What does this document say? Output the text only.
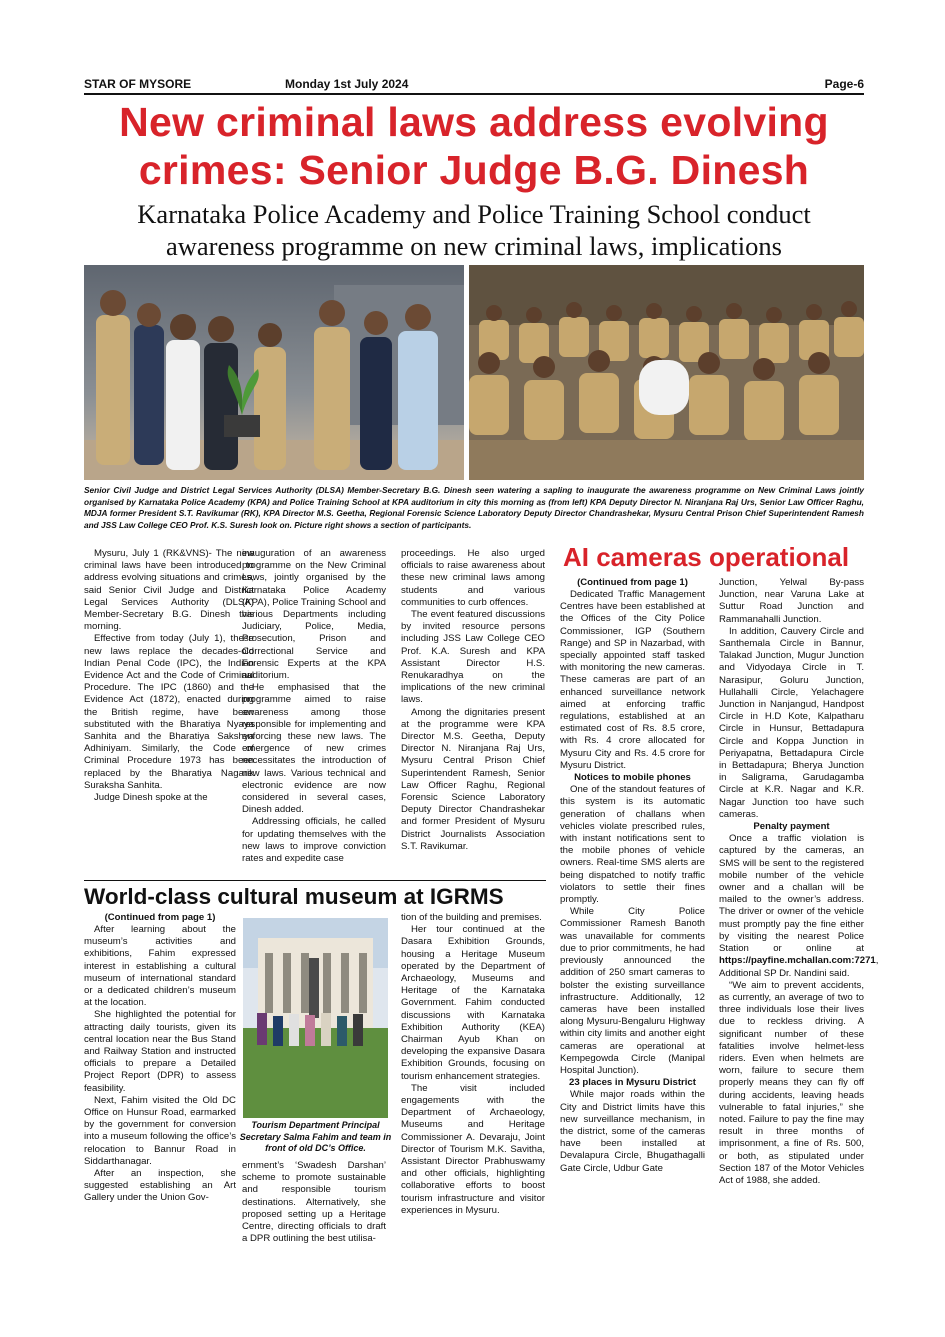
STAR OF MYSORE	Monday 1st July 2024	Page-6
New criminal laws address evolving
crimes: Senior Judge B.G. Dinesh
Karnataka Police Academy and Police Training School conduct
awareness programme on new criminal laws, implications
Senior Civil Judge and District Legal Services Authority (DLSA) Member-Secretary B.G. Dinesh seen watering a sapling to inaugurate the awareness programme on New Criminal Laws jointly organised by Karnataka Police Academy (KPA) and Police Training School at KPA auditorium in city this morning as (from left) KPA Deputy Director N. Niranjana Raj Urs, Senior Law Officer Raghu, MDJA former President S.T. Ravikumar (RK), KPA Director M.S. Geetha, Regional Forensic Science Laboratory Deputy Director Chandrashekar, Mysuru Central Prison Chief Superintendent Ramesh and JSS Law College CEO Prof. K.S. Suresh look on. Picture right shows a section of participants.

Mysuru, July 1 (RK&VNS)- The new criminal laws have been introduced to address evolving situations and crimes, said Senior Civil Judge and District Legal Services Authority (DLSA) Member-Secretary B.G. Dinesh this morning.

Effective from today (July 1), these new laws replace the decades-old Indian Penal Code (IPC), the Indian Evidence Act and the Code of Criminal Procedure. The IPC (1860) and the Evidence Act (1872), enacted during the British regime, have been substituted with the Bharatiya Nyaya Sanhita and the Bharatiya Sakshya Adhiniyam. Similarly, the Code of Criminal Procedure 1973 has been replaced by the Bharatiya Nagarik Suraksha Sanhita.

Judge Dinesh spoke at the

inauguration of an awareness programme on the New Criminal Laws, jointly organised by the Karnataka Police Academy (KPA), Police Training School and various Departments including Judiciary, Police, Media, Prosecution, Prison and Correctional Service and Forensic Experts at the KPA auditorium.

He emphasised that the programme aimed to raise awareness among those responsible for implementing and enforcing these new laws. The emergence of new crimes necessitates the introduction of new laws. Various technical and electronic evidence are now considered in several cases, Dinesh added.

Addressing officials, he called for updating themselves with the new laws to improve conviction rates and expedite case

proceedings. He also urged officials to raise awareness about these new criminal laws among students and various communities to curb offences.

The event featured discussions by invited resource persons including JSS Law College CEO Prof. K.A. Suresh and KPA Assistant Director H.S. Renukaradhya on the implications of the new criminal laws.

Among the dignitaries present at the programme were KPA Director M.S. Geetha, Deputy Director N. Niranjana Raj Urs, Mysuru Central Prison Chief Superintendent Ramesh, Senior Law Officer Raghu, Regional Forensic Science Laboratory Deputy Director Chandrashekar and former President of Mysuru District Journalists Association S.T. Ravikumar.

World-class cultural museum at IGRMS
(Continued from page 1)

After learning about the museum’s activities and exhibitions, Fahim expressed interest in establishing a cultural museum of international standard or a dedicated children’s museum at the location.

She highlighted the potential for attracting daily tourists, given its central location near the Bus Stand and Railway Station and instructed officials to prepare a Detailed Project Report (DPR) to assess feasibility.

Next, Fahim visited the Old DC Office on Hunsur Road, earmarked by the government for conversion into a museum following the office’s relocation to Bannur Road in Siddarthanagar.

After an inspection, she suggested establishing an Art Gallery under the Union Gov-

Tourism Department Principal Secretary Salma Fahim and team in front of old DC’s Office.

ernment’s ‘Swadesh Darshan’ scheme to promote sustainable and responsible tourism destinations. Alternatively, she proposed setting up a Heritage Centre, directing officials to draft a DPR outlining the best utilisa-

tion of the building and premises.

Her tour continued at the Dasara Exhibition Grounds, housing a Heritage Museum operated by the Department of Archaeology, Museums and Heritage of the Karnataka Government. Fahim conducted discussions with Karnataka Exhibition Authority (KEA) Chairman Ayub Khan on developing the expansive Dasara Exhibition Grounds, focusing on tourism enhancement strategies.

The visit included engagements with the Department of Archaeology, Museums and Heritage Commissioner A. Devaraju, Joint Director of Tourism M.K. Savitha, Assistant Director Prabhuswamy and other officials, highlighting collaborative efforts to boost tourism infrastructure and visitor experiences in Mysuru.

AI cameras operational
(Continued from page 1)

Dedicated Traffic Management Centres have been established at the Offices of the City Police Commissioner, IGP (Southern Range) and SP in Nazarbad, with specially appointed staff tasked with monitoring the new cameras. These cameras are part of an enhanced surveillance network aimed at enforcing traffic regulations, established at an estimated cost of Rs. 8.5 crore, with Rs. 4 crore allocated for Mysuru City and Rs. 4.5 crore for Mysuru District.

Notices to mobile phones

One of the standout features of this system is its automatic generation of challans when vehicles violate prescribed rules, with instant notifications sent to the mobile phones of vehicle owners. Real-time SMS alerts are being dispatched to notify traffic violators to settle their fines promptly.

While City Police Commissioner Ramesh Banoth was unavailable for comments due to prior commitments, he had previously announced the addition of 250 smart cameras to bolster the existing surveillance infrastructure. Additionally, 12 cameras have been installed along Mysuru-Bengaluru Highway within city limits and another eight cameras are operational at Kempegowda Circle (Manipal Hospital Junction).

23 places in Mysuru District

While major roads within the City and District limits have this new surveillance mechanism, in the district, some of the cameras have been installed at Devalapura Circle, Bhugathagalli Gate Circle, Udbur Gate

Junction, Yelwal By-pass Junction, near Varuna Lake at Suttur Road Junction and Rammanahalli Junction.

In addition, Cauvery Circle and Santhemala Circle in Bannur, Talakad Junction, Mugur Junction and Vidyodaya Circle in T. Narasipur, Goluru Junction, Hullahalli Circle, Yelachagere Junction in Nanjangud, Handpost Circle in H.D Kote, Kalpatharu Circle in Hunsur, Bettadapura Circle and Koppa Junction in Periyapatna, Bettadapura Circle in Bettadapura; Bherya Junction in Saligrama, Garudagamba Circle at K.R. Nagar and K.R. Nagar Junction too have such cameras.

Penalty payment

Once a traffic violation is captured by the cameras, an SMS will be sent to the registered mobile number of the vehicle owner and a challan will be mailed to the owner’s address. The driver or owner of the vehicle must promptly pay the fine either by visiting the nearest Police Station or online at https://payfine.mchallan.com:7271, Additional SP Dr. Nandini said.

“We aim to prevent accidents, as currently, an average of two to three individuals lose their lives due to reckless driving. A significant number of these fatalities involve helmet-less riders. Even when helmets are worn, failure to secure them properly means they can fly off during accidents, leaving heads vulnerable to fatal injuries,” she noted. Failure to pay the fine may result in three months of imprisonment, a fine of Rs. 500, or both, as stipulated under Section 187 of the Motor Vehicles Act of 1988, she added.
